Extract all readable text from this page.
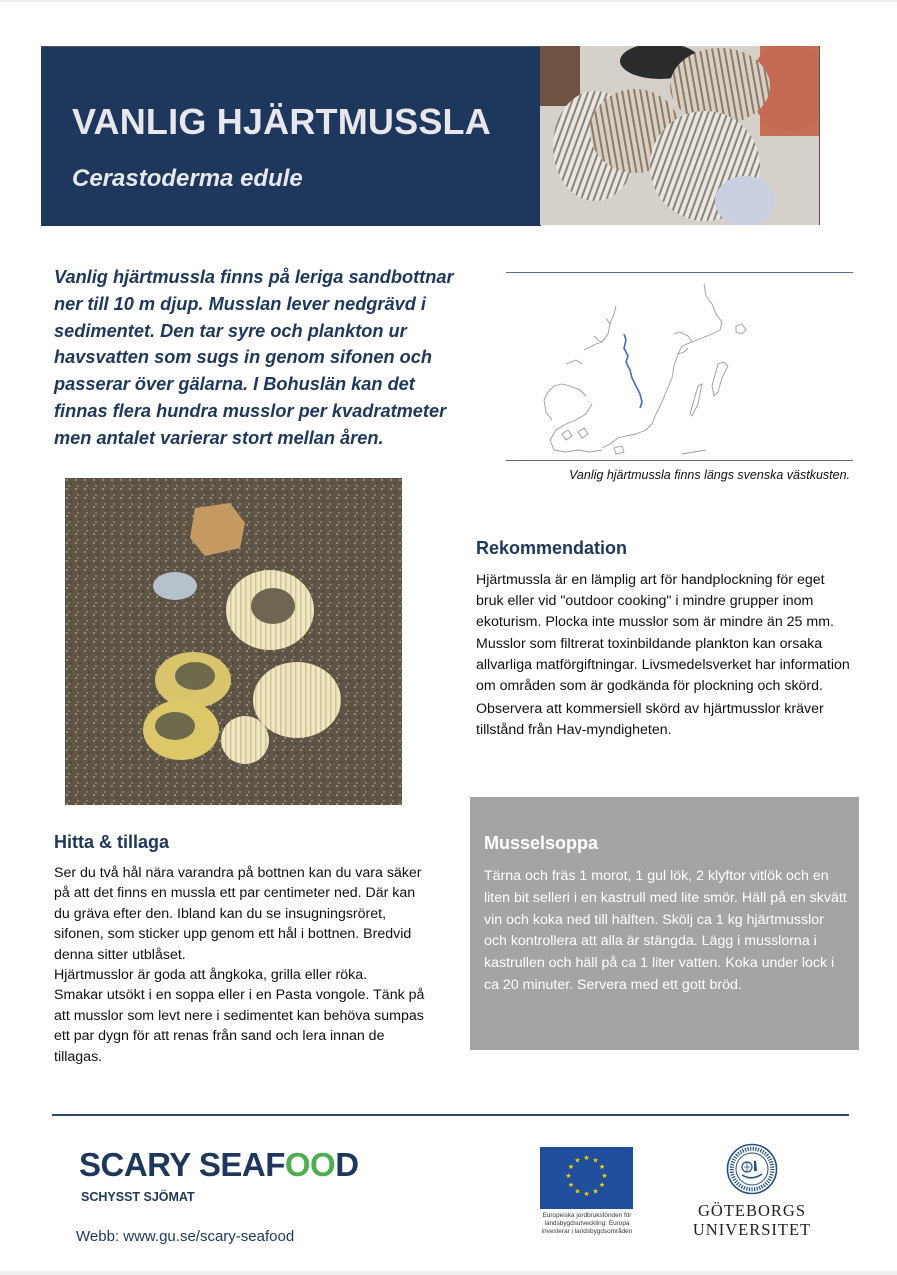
VANLIG HJÄRTMUSSLA
Cerastoderma edule
Vanlig hjärtmussla finns på leriga sandbottnar ner till 10 m djup. Musslan lever nedgrävd i sedimentet. Den tar syre och plankton ur havsvatten som sugs in genom sifonen och passerar över gälarna. I Bohuslän kan det finnas flera hundra musslor per kvadratmeter men antalet varierar stort mellan åren.
Vanlig hjärtmussla finns längs svenska västkusten.
Rekommendation

Hjärtmussla är en lämplig art för handplockning för eget bruk eller vid "outdoor cooking" i mindre grupper inom ekoturism. Plocka inte musslor som är mindre än 25 mm.

Musslor som filtrerat toxinbildande plankton kan orsaka allvarliga matförgiftningar. Livsmedelsverket har information om områden som är godkända för plockning och skörd.

Observera att kommersiell skörd av hjärtmusslor kräver tillstånd från Hav-myndigheten.

Hitta & tillaga

Ser du två hål nära varandra på bottnen kan du vara säker på att det finns en mussla ett par centimeter ned. Där kan du gräva efter den. Ibland kan du se insugningsröret, sifonen, som sticker upp genom ett hål i bottnen. Bredvid denna sitter utblåset.

Hjärtmusslor är goda att ångkoka, grilla eller röka.

Smakar utsökt i en soppa eller i en Pasta vongole. Tänk på att musslor som levt nere i sedimentet kan behöva sumpas ett par dygn för att renas från sand och lera innan de tillagas.

Musselsoppa
Tärna och fräs 1 morot, 1 gul lök, 2 klyftor vitlök och en liten bit selleri i en kastrull med lite smör. Häll på en skvätt vin och koka ned till hälften. Skölj ca 1 kg hjärtmusslor och kontrollera att alla är stängda. Lägg i musslorna i kastrullen och häll på ca 1 liter vatten. Koka under lock i ca 20 minuter. Servera med ett gott bröd.
SCARY SEAFOOD
SCHYSST SJÖMAT
Webb: www.gu.se/scary-seafood
★ ★
★
★
★
★
★
★
★
★
★
★
Europeiska jordbruksfonden för
landsbygdsutveckling: Europa
investerar i landsbygdsområden
GÖTEBORGS
UNIVERSITET
